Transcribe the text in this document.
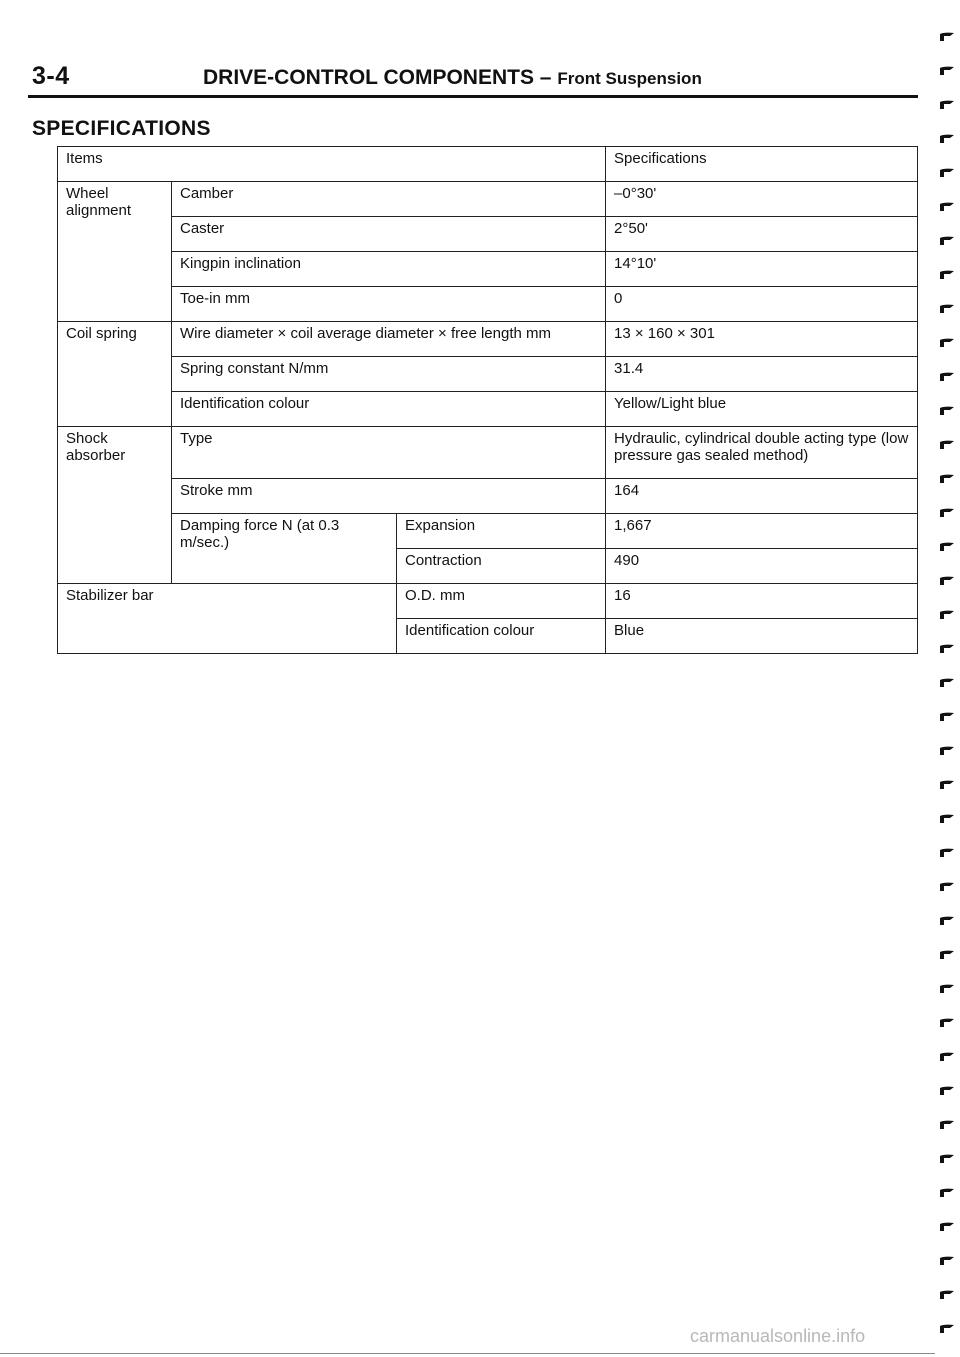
3-4	DRIVE-CONTROL COMPONENTS – Front Suspension
SPECIFICATIONS
Items			Specifications
Wheel alignment	Camber		–0°30'
	Caster		2°50'
	Kingpin inclination		14°10'
	Toe-in mm		0
Coil spring	Wire diameter × coil average diameter × free length mm		13 × 160 × 301
	Spring constant N/mm		31.4
	Identification colour		Yellow/Light blue
Shock absorber	Type		Hydraulic, cylindrical double acting type (low pressure gas sealed method)
	Stroke mm		164
	Damping force N (at 0.3 m/sec.)	Expansion	1,667
		Contraction	490
Stabilizer bar		O.D. mm	16
		Identification colour	Blue
carmanualsonline.info
